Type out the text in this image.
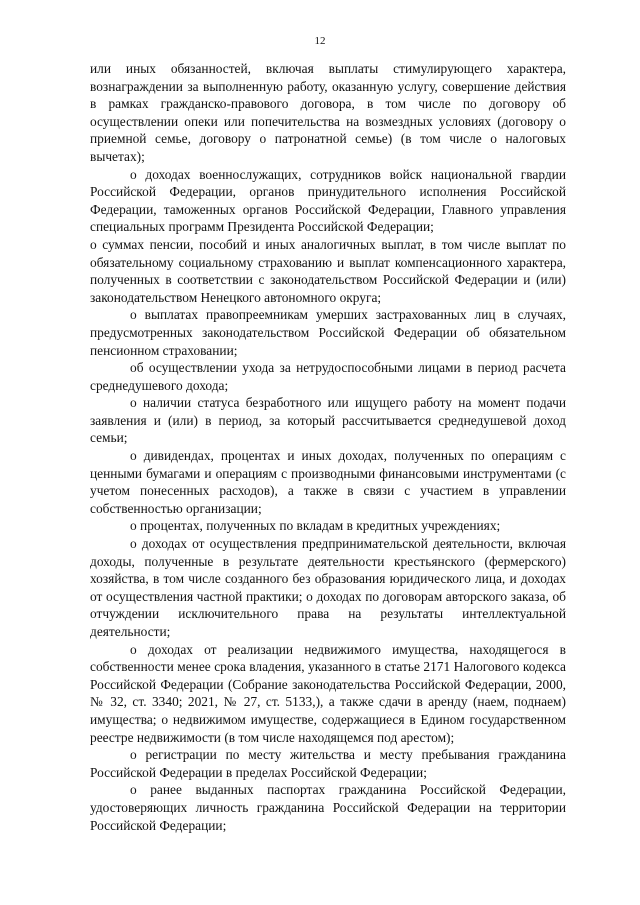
12

или иных обязанностей, включая выплаты стимулирующего характера, вознаграждении за выполненную работу, оказанную услугу, совершение действия в рамках гражданско-правового договора, в том числе по договору об осуществлении опеки или попечительства на возмездных условиях (договору о приемной семье, договору о патронатной семье) (в том числе о налоговых вычетах);

о доходах военнослужащих, сотрудников войск национальной гвардии Российской Федерации, органов принудительного исполнения Российской Федерации, таможенных органов Российской Федерации, Главного управления специальных программ Президента Российской Федерации;

о суммах пенсии, пособий и иных аналогичных выплат, в том числе выплат по обязательному социальному страхованию и выплат компенсационного характера, полученных в соответствии с законодательством Российской Федерации и (или) законодательством Ненецкого автономного округа;

о выплатах правопреемникам умерших застрахованных лиц в случаях, предусмотренных законодательством Российской Федерации об обязательном пенсионном страховании;

об осуществлении ухода за нетрудоспособными лицами в период расчета среднедушевого дохода;

о наличии статуса безработного или ищущего работу на момент подачи заявления и (или) в период, за который рассчитывается среднедушевой доход семьи;

о дивидендах, процентах и иных доходах, полученных по операциям с ценными бумагами и операциям с производными финансовыми инструментами (с учетом понесенных расходов), а также в связи с участием в управлении собственностью организации;

о процентах, полученных по вкладам в кредитных учреждениях;

о доходах от осуществления предпринимательской деятельности, включая доходы, полученные в результате деятельности крестьянского (фермерского) хозяйства, в том числе созданного без образования юридического лица, и доходах от осуществления частной практики; о доходах по договорам авторского заказа, об отчуждении исключительного права на результаты интеллектуальной деятельности;

о доходах от реализации недвижимого имущества, находящегося в собственности менее срока владения, указанного в статье 2171 Налогового кодекса Российской Федерации (Собрание законодательства Российской Федерации, 2000, № 32, ст. 3340; 2021, № 27, ст. 5133,), а также сдачи в аренду (наем, поднаем) имущества; о недвижимом имуществе, содержащиеся в Едином государственном реестре недвижимости (в том числе находящемся под арестом);

о регистрации по месту жительства и месту пребывания гражданина Российской Федерации в пределах Российской Федерации;

о ранее выданных паспортах гражданина Российской Федерации, удостоверяющих личность гражданина Российской Федерации на территории Российской Федерации;
